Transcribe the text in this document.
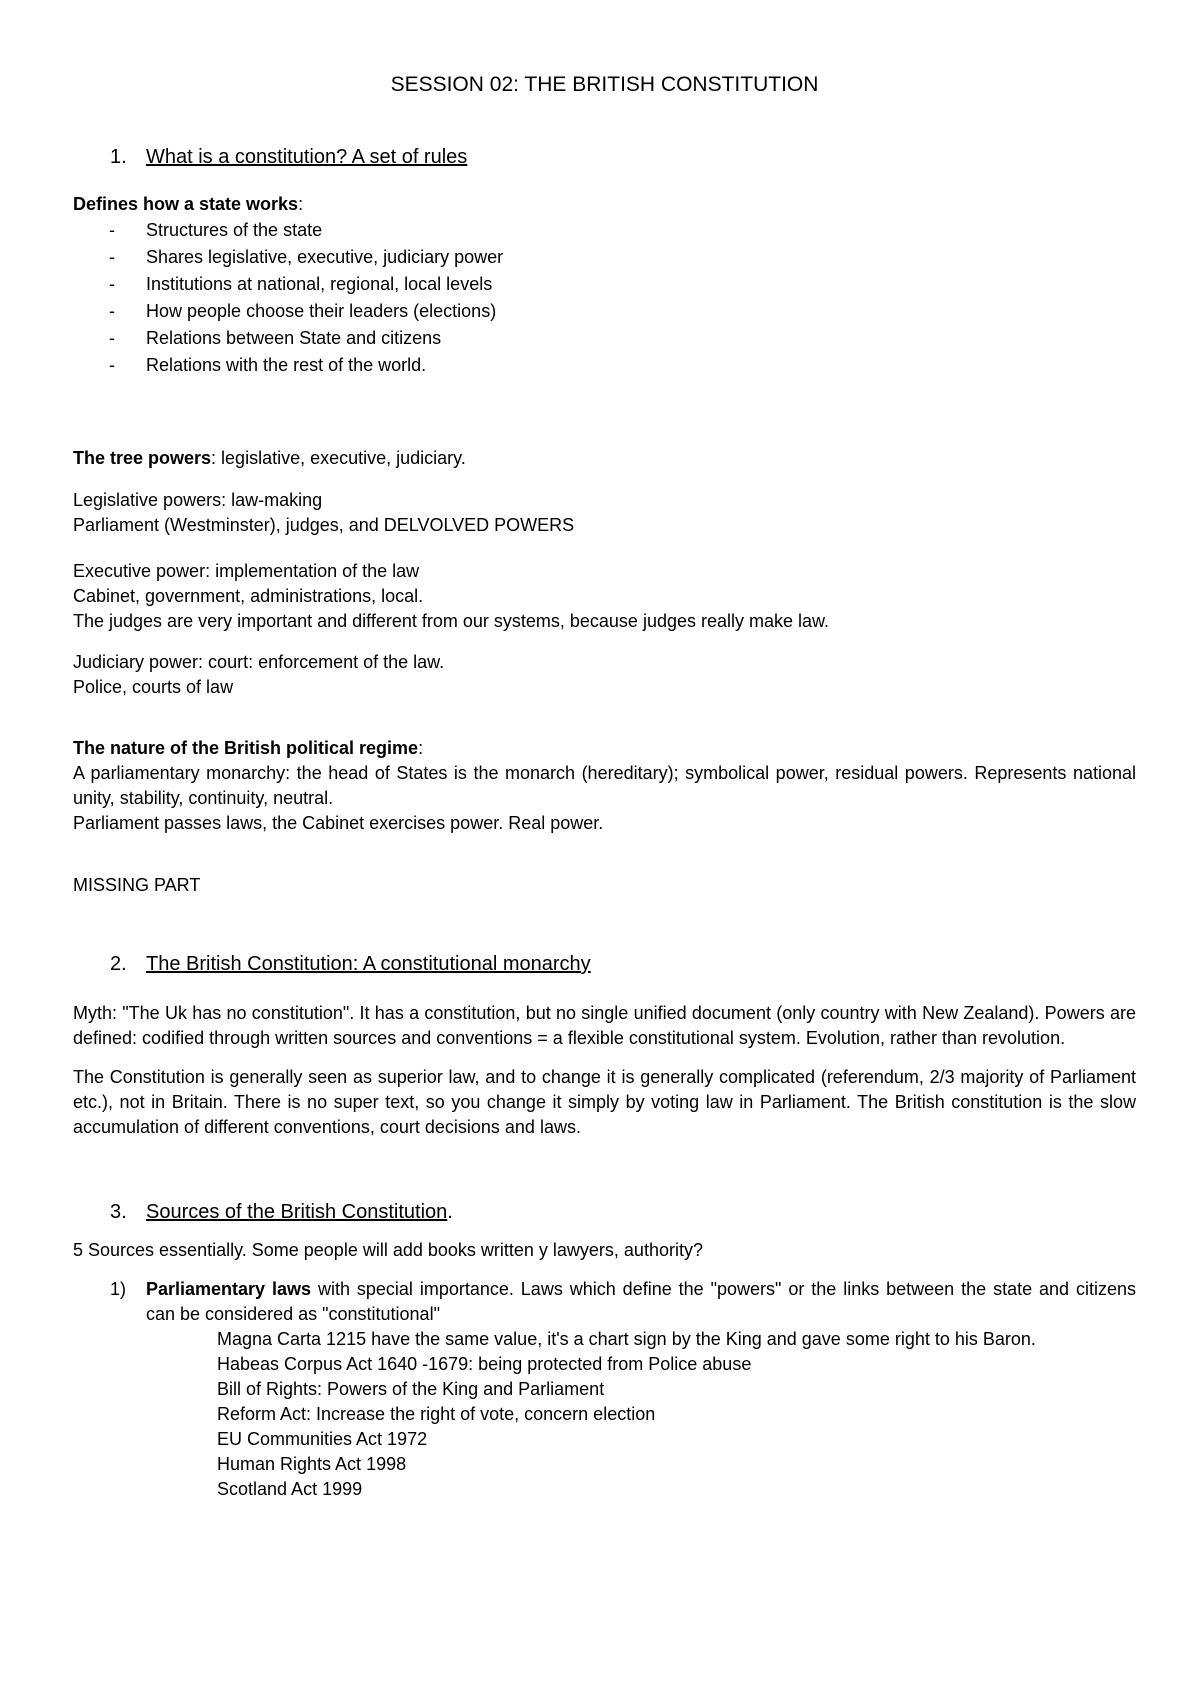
SESSION 02: THE BRITISH CONSTITUTION
1. What is a constitution? A set of rules

Defines how a state works:

- Structures of the state
- Shares legislative, executive, judiciary power
- Institutions at national, regional, local levels
- How people choose their leaders (elections)
- Relations between State and citizens
- Relations with the rest of the world.

The tree powers: legislative, executive, judiciary.

Legislative powers: law-making

Parliament (Westminster), judges, and DELVOLVED POWERS

Executive power: implementation of the law

Cabinet, government, administrations, local.

The judges are very important and different from our systems, because judges really make law.

Judiciary power: court: enforcement of the law.

Police, courts of law

The nature of the British political regime:

A parliamentary monarchy: the head of States is the monarch (hereditary); symbolical power, residual powers. Represents national unity, stability, continuity, neutral.

Parliament passes laws, the Cabinet exercises power. Real power.

MISSING PART

2. The British Constitution: A constitutional monarchy

Myth: "The Uk has no constitution". It has a constitution, but no single unified document (only country with New Zealand). Powers are defined: codified through written sources and conventions = a flexible constitutional system. Evolution, rather than revolution.

The Constitution is generally seen as superior law, and to change it is generally complicated (referendum, 2/3 majority of Parliament etc.), not in Britain. There is no super text, so you change it simply by voting law in Parliament. The British constitution is the slow accumulation of different conventions, court decisions and laws.

3. Sources of the British Constitution.

5 Sources essentially. Some people will add books written y lawyers, authority?

1) Parliamentary laws with special importance. Laws which define the "powers" or the links between the state and citizens can be considered as "constitutional"
Magna Carta 1215 have the same value, it's a chart sign by the King and gave some right to his Baron.
Habeas Corpus Act 1640 -1679: being protected from Police abuse
Bill of Rights: Powers of the King and Parliament
Reform Act: Increase the right of vote, concern election
EU Communities Act 1972
Human Rights Act 1998
Scotland Act 1999
